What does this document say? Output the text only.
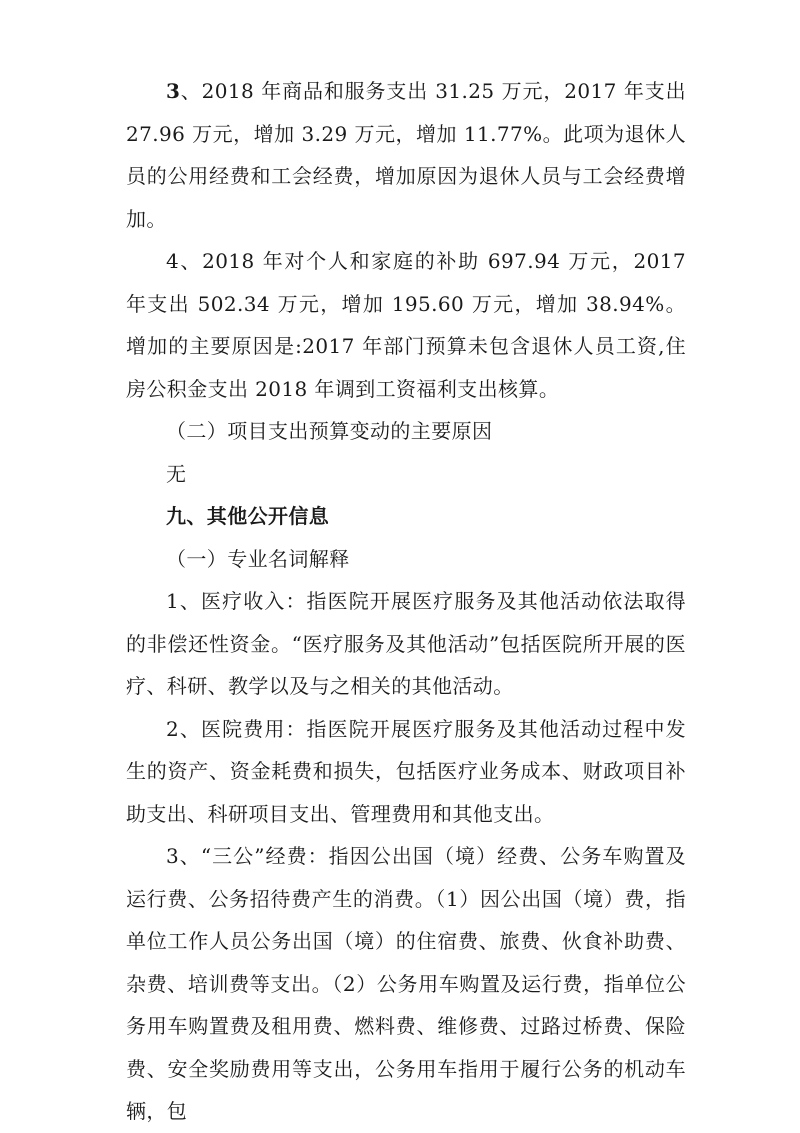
3、2018 年商品和服务支出 31.25 万元，2017 年支出 27.96 万元，增加 3.29 万元，增加 11.77%。此项为退休人员的公用经费和工会经费，增加原因为退休人员与工会经费增加。

4、2018 年对个人和家庭的补助 697.94 万元，2017 年支出 502.34 万元，增加 195.60 万元，增加 38.94%。增加的主要原因是:2017 年部门预算未包含退休人员工资,住房公积金支出 2018 年调到工资福利支出核算。

（二）项目支出预算变动的主要原因

无

九、其他公开信息

（一）专业名词解释

1、医疗收入：指医院开展医疗服务及其他活动依法取得的非偿还性资金。“医疗服务及其他活动”包括医院所开展的医疗、科研、教学以及与之相关的其他活动。

2、医院费用：指医院开展医疗服务及其他活动过程中发生的资产、资金耗费和损失，包括医疗业务成本、财政项目补助支出、科研项目支出、管理费用和其他支出。

3、“三公”经费：指因公出国（境）经费、公务车购置及运行费、公务招待费产生的消费。（1）因公出国（境）费，指单位工作人员公务出国（境）的住宿费、旅费、伙食补助费、杂费、培训费等支出。（2）公务用车购置及运行费，指单位公务用车购置费及租用费、燃料费、维修费、过路过桥费、保险费、安全奖励费用等支出，公务用车指用于履行公务的机动车辆，包
